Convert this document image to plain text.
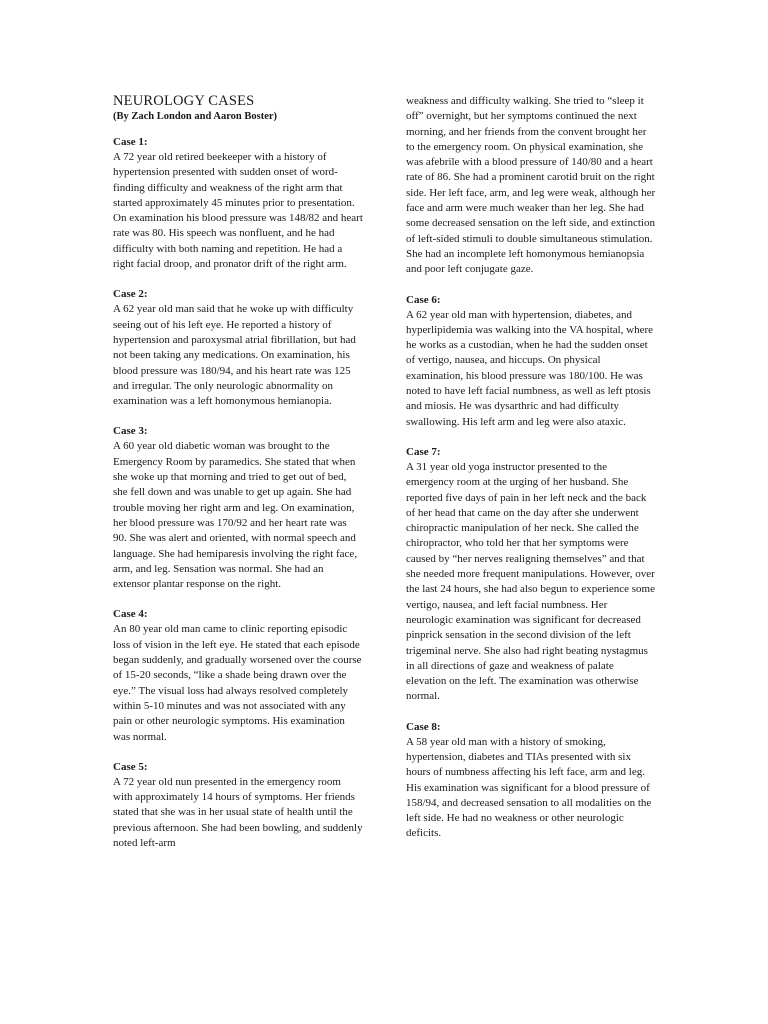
NEUROLOGY CASES

(By Zach London and Aaron Boster)

Case 1:

A 72 year old retired beekeeper with a history of hypertension presented with sudden onset of word-finding difficulty and weakness of the right arm that started approximately 45 minutes prior to presentation. On examination his blood pressure was 148/82 and heart rate was 80. His speech was nonfluent, and he had difficulty with both naming and repetition. He had a right facial droop, and pronator drift of the right arm.

Case 2:

A 62 year old man said that he woke up with difficulty seeing out of his left eye. He reported a history of hypertension and paroxysmal atrial fibrillation, but had not been taking any medications. On examination, his blood pressure was 180/94, and his heart rate was 125 and irregular. The only neurologic abnormality on examination was a left homonymous hemianopia.

Case 3:

A 60 year old diabetic woman was brought to the Emergency Room by paramedics. She stated that when she woke up that morning and tried to get out of bed, she fell down and was unable to get up again. She had trouble moving her right arm and leg. On examination, her blood pressure was 170/92 and her heart rate was 90. She was alert and oriented, with normal speech and language. She had hemiparesis involving the right face, arm, and leg. Sensation was normal. She had an extensor plantar response on the right.

Case 4:

An 80 year old man came to clinic reporting episodic loss of vision in the left eye. He stated that each episode began suddenly, and gradually worsened over the course of 15-20 seconds, “like a shade being drawn over the eye.” The visual loss had always resolved completely within 5-10 minutes and was not associated with any pain or other neurologic symptoms. His examination was normal.

Case 5:

A 72 year old nun presented in the emergency room with approximately 14 hours of symptoms. Her friends stated that she was in her usual state of health until the previous afternoon. She had been bowling, and suddenly noted left-arm

weakness and difficulty walking. She tried to “sleep it off” overnight, but her symptoms continued the next morning, and her friends from the convent brought her to the emergency room. On physical examination, she was afebrile with a blood pressure of 140/80 and a heart rate of 86. She had a prominent carotid bruit on the right side. Her left face, arm, and leg were weak, although her face and arm were much weaker than her leg. She had some decreased sensation on the left side, and extinction of left-sided stimuli to double simultaneous stimulation. She had an incomplete left homonymous hemianopsia and poor left conjugate gaze.

Case 6:

A 62 year old man with hypertension, diabetes, and hyperlipidemia was walking into the VA hospital, where he works as a custodian, when he had the sudden onset of vertigo, nausea, and hiccups. On physical examination, his blood pressure was 180/100. He was noted to have left facial numbness, as well as left ptosis and miosis. He was dysarthric and had difficulty swallowing. His left arm and leg were also ataxic.

Case 7:

A 31 year old yoga instructor presented to the emergency room at the urging of her husband. She reported five days of pain in her left neck and the back of her head that came on the day after she underwent chiropractic manipulation of her neck. She called the chiropractor, who told her that her symptoms were caused by “her nerves realigning themselves” and that she needed more frequent manipulations. However, over the last 24 hours, she had also begun to experience some vertigo, nausea, and left facial numbness. Her neurologic examination was significant for decreased pinprick sensation in the second division of the left trigeminal nerve. She also had right beating nystagmus in all directions of gaze and weakness of palate elevation on the left. The examination was otherwise normal.

Case 8:

A 58 year old man with a history of smoking, hypertension, diabetes and TIAs presented with six hours of numbness affecting his left face, arm and leg. His examination was significant for a blood pressure of 158/94, and decreased sensation to all modalities on the left side. He had no weakness or other neurologic deficits.
